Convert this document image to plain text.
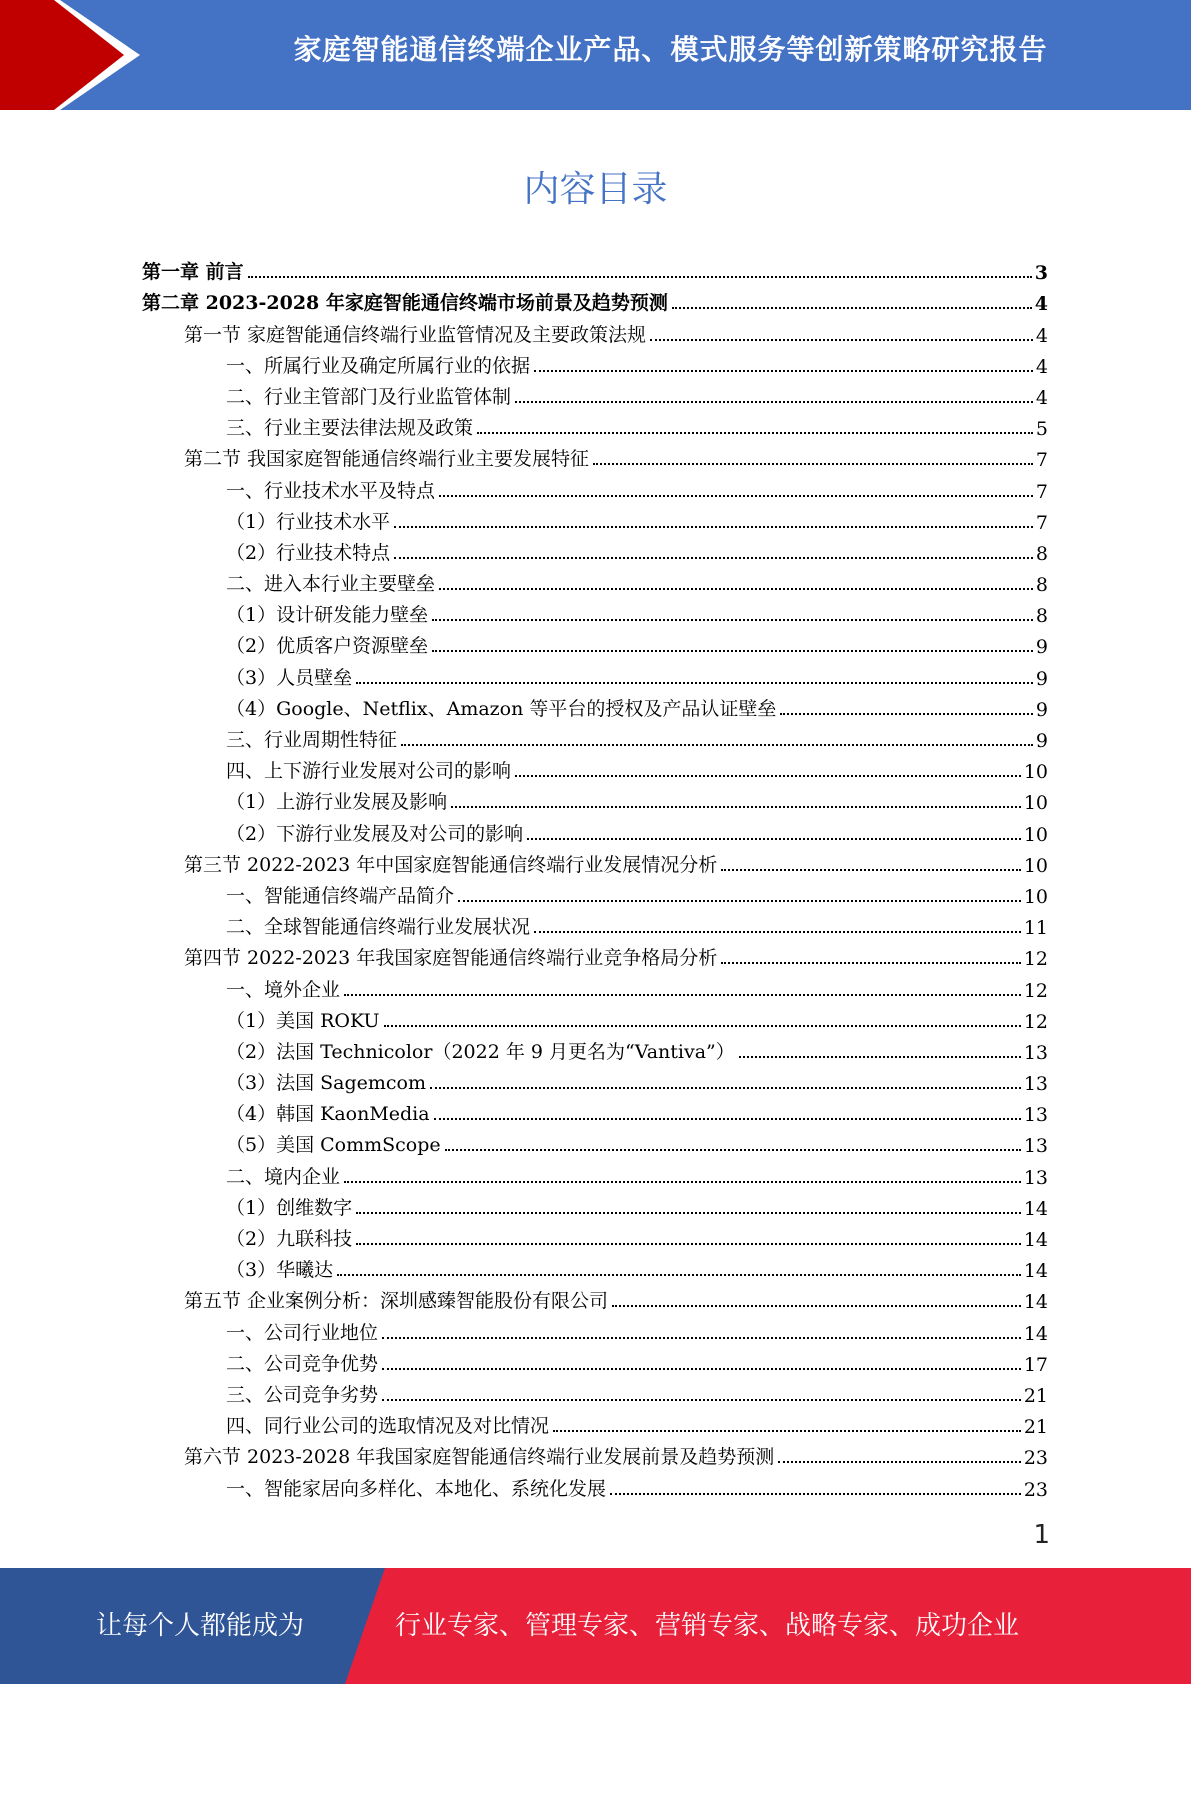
家庭智能通信终端企业产品、模式服务等创新策略研究报告
内容目录
第一章 前言	3
第二章 2023-2028 年家庭智能通信终端市场前景及趋势预测	4
第一节 家庭智能通信终端行业监管情况及主要政策法规	4
一、所属行业及确定所属行业的依据	4
二、行业主管部门及行业监管体制	4
三、行业主要法律法规及政策	5
第二节 我国家庭智能通信终端行业主要发展特征	7
一、行业技术水平及特点	7
（1）行业技术水平	7
（2）行业技术特点	8
二、进入本行业主要壁垒	8
（1）设计研发能力壁垒	8
（2）优质客户资源壁垒	9
（3）人员壁垒	9
（4）Google、Netflix、Amazon 等平台的授权及产品认证壁垒	9
三、行业周期性特征	9
四、上下游行业发展对公司的影响	10
（1）上游行业发展及影响	10
（2）下游行业发展及对公司的影响	10
第三节 2022-2023 年中国家庭智能通信终端行业发展情况分析	10
一、智能通信终端产品简介	10
二、全球智能通信终端行业发展状况	11
第四节 2022-2023 年我国家庭智能通信终端行业竞争格局分析	12
一、境外企业	12
（1）美国 ROKU	12
（2）法国 Technicolor（2022 年 9 月更名为“Vantiva”）	13
（3）法国 Sagemcom	13
（4）韩国 KaonMedia	13
（5）美国 CommScope	13
二、境内企业	13
（1）创维数字	14
（2）九联科技	14
（3）华曦达	14
第五节 企业案例分析：深圳感臻智能股份有限公司	14
一、公司行业地位	14
二、公司竞争优势	17
三、公司竞争劣势	21
四、同行业公司的选取情况及对比情况	21
第六节 2023-2028 年我国家庭智能通信终端行业发展前景及趋势预测	23
一、智能家居向多样化、本地化、系统化发展	23
1
让每个人都能成为	行业专家、管理专家、营销专家、战略专家、成功企业家……
